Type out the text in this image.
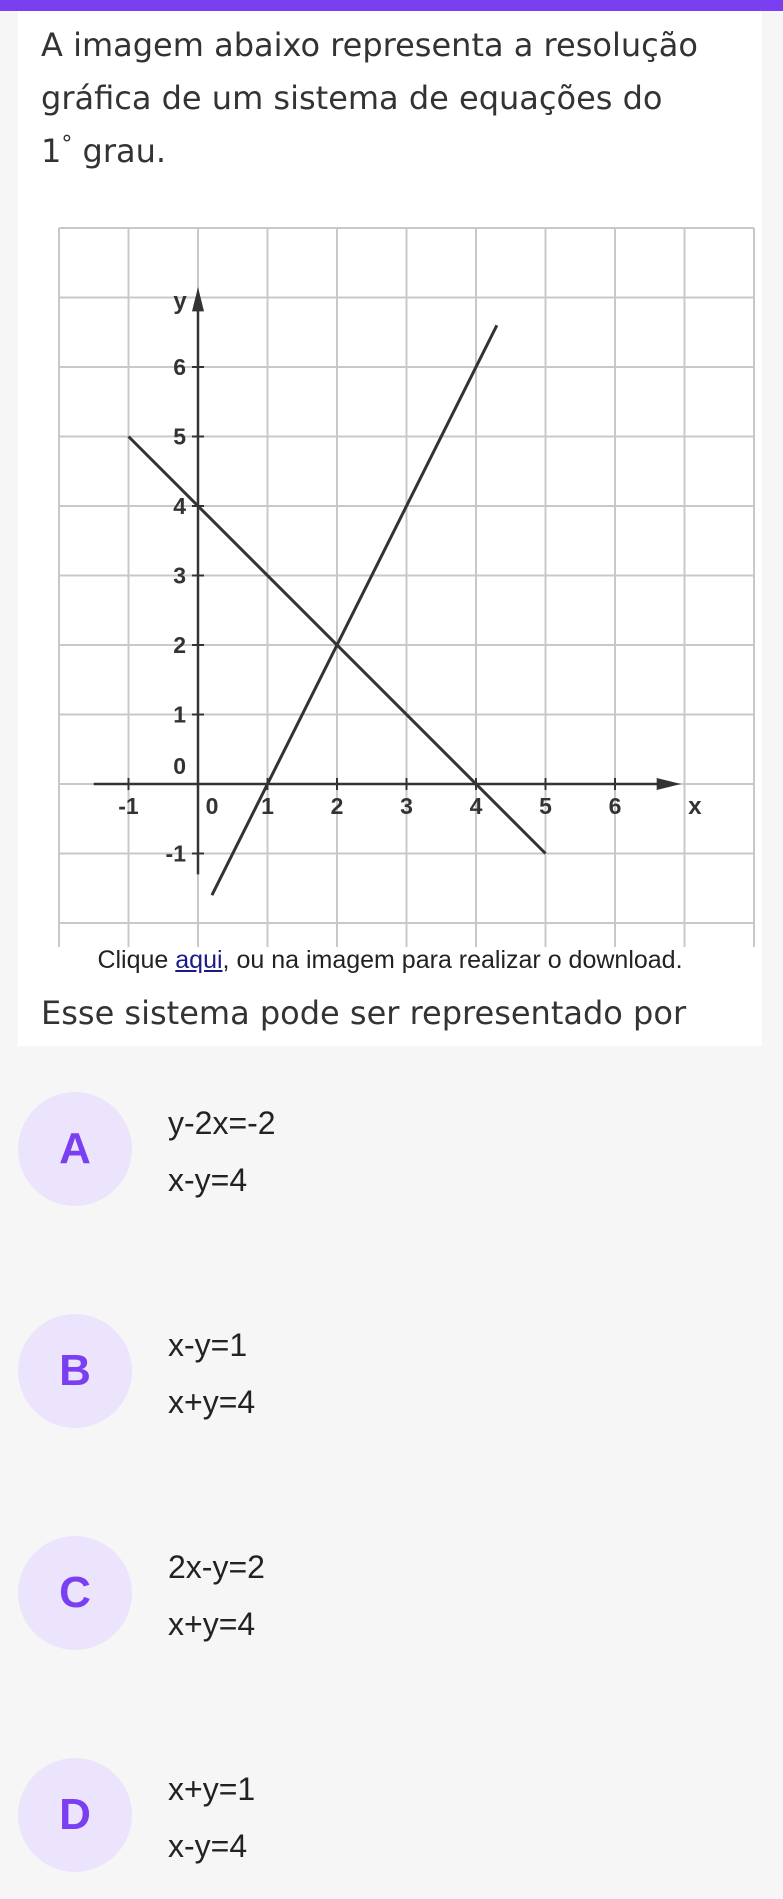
A imagem abaixo representa a resolução
gráfica de um sistema de equações do
1° grau.
-1	0 1 2 3 4 5 6
-1
0
1
2
3
4
5
6
x
y
Clique aqui, ou na imagem para realizar o download.
Esse sistema pode ser representado por
A
y-2x=-2
x-y=4
B
x-y=1
x+y=4
C
2x-y=2
x+y=4
D
x+y=1
x-y=4
